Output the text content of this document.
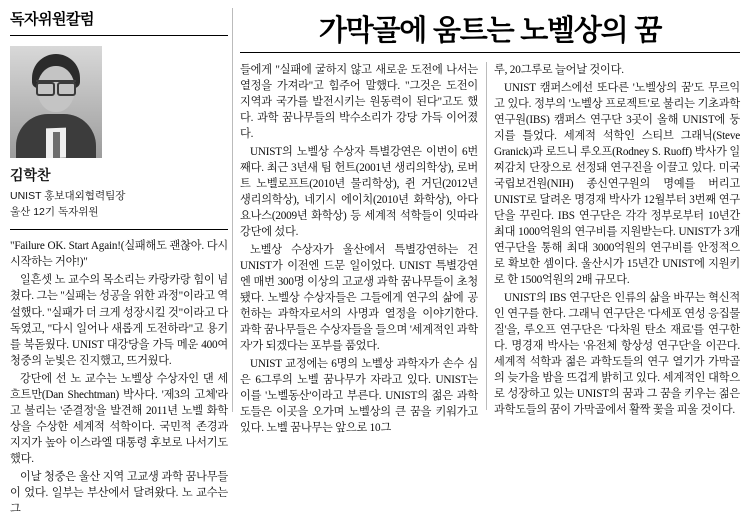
독자위원칼럼
김학찬
UNIST 홍보대외협력팀장
울산 12기 독자위원

"Failure OK. Start Again!(실패해도 괜찮아. 다시 시작하는 거야!)"

일흔셋 노 교수의 목소리는 카랑카랑 힘이 넘쳤다. 그는 "실패는 성공을 위한 과정"이라고 역설했다. "실패가 더 크게 성장시킬 것"이라고 다독였고, "다시 일어나 새롭게 도전하라"고 용기를 북돋웠다. UNIST 대강당을 가득 메운 400여 청중의 눈빛은 진지했고, 뜨거웠다.

강단에 선 노 교수는 노벨상 수상자인 댄 세흐트만(Dan Shechtman) 박사다. '제3의 고체'라고 불리는 '준결정'을 발견해 2011년 노벨 화학상을 수상한 세계적 석학이다. 국민적 존경과 지지가 높아 이스라엘 대통령 후보로 나서기도 했다.

이날 청중은 울산 지역 고교생 과학 꿈나무들이 었다. 일부는 부산에서 달려왔다. 노 교수는 그

가막골에 움트는 노벨상의 꿈

들에게 "실패에 굴하지 않고 새로운 도전에 나서는 열정을 가져라"고 힘주어 말했다. "그것은 도전이 지역과 국가를 발전시키는 원동력이 된다"고도 했다. 과학 꿈나무들의 박수소리가 강당 가득 이어졌다.

UNIST의 노벨상 수상자 특별강연은 이번이 6번째다. 최근 3년새 팀 헌트(2001년 생리의학상), 로버트 노벨로프트(2010년 물리학상), 쥔 거딘(2012년 생리의학상), 네기시 에이치(2010년 화학상), 아다 요나스(2009년 화학상) 등 세계적 석학들이 잇따라 강단에 섰다.

노벨상 수상자가 울산에서 특별강연하는 건 UNIST가 이전엔 드문 일이었다. UNIST 특별강연엔 매번 300명 이상의 고교생 과학 꿈나무들이 초청됐다. 노벨상 수상자들은 그들에게 연구의 삶에 공헌하는 과학자로서의 사명과 열정을 이야기한다. 과학 꿈나무들은 수상자들을 들으며 '세계적인 과학자'가 되겠다는 포부를 품었다.

UNIST 교정에는 6명의 노벨상 과학자가 손수 심은 6그루의 노벨 꿈나무가 자라고 있다. UNIST는 이를 '노벨동산'이라고 부른다. UNIST의 젊은 과학도들은 이곳을 오가며 노벨상의 큰 꿈을 키워가고 있다. 노벨 꿈나무는 앞으로 10그

루, 20그루로 늘어날 것이다.

UNIST 캠퍼스에선 또다른 '노벨상의 꿈'도 무르익고 있다. 정부의 '노벨상 프로젝트'로 불리는 기초과학연구원(IBS) 캠퍼스 연구단 3곳이 올해 UNIST에 둥지를 틀었다. 세계적 석학인 스티브 그래닉(Steve Granick)과 로드니 루오프(Rodney S. Ruoff) 박사가 일찌감치 단장으로 선정돼 연구진을 이끌고 있다. 미국 국립보건원(NIH) 종신연구원의 명예를 버리고 UNIST로 달려온 명경재 박사가 12월부터 3번째 연구단을 꾸린다. IBS 연구단은 각각 정부로부터 10년간 최대 1000억원의 연구비를 지원받는다. UNIST가 3개 연구단을 통해 최대 3000억원의 연구비를 안정적으로 확보한 셈이다. 울산시가 15년간 UNIST에 지원키로 한 1500억원의 2배 규모다.

UNIST의 IBS 연구단은 인류의 삶을 바꾸는 혁신적인 연구를 한다. 그래닉 연구단은 '다세포 연성 응집물질'을, 루오프 연구단은 '다차원 탄소 재료'를 연구한다. 명경재 박사는 '유전체 항상성 연구단'을 이끈다. 세계적 석학과 젊은 과학도들의 연구 열기가 가막골의 늦가을 밤을 뜨겁게 밝히고 있다. 세계적인 대학으로 성장하고 있는 UNIST의 꿈과 그 꿈을 키우는 젊은 과학도들의 꿈이 가막골에서 활짝 꽃을 피울 것이다.
